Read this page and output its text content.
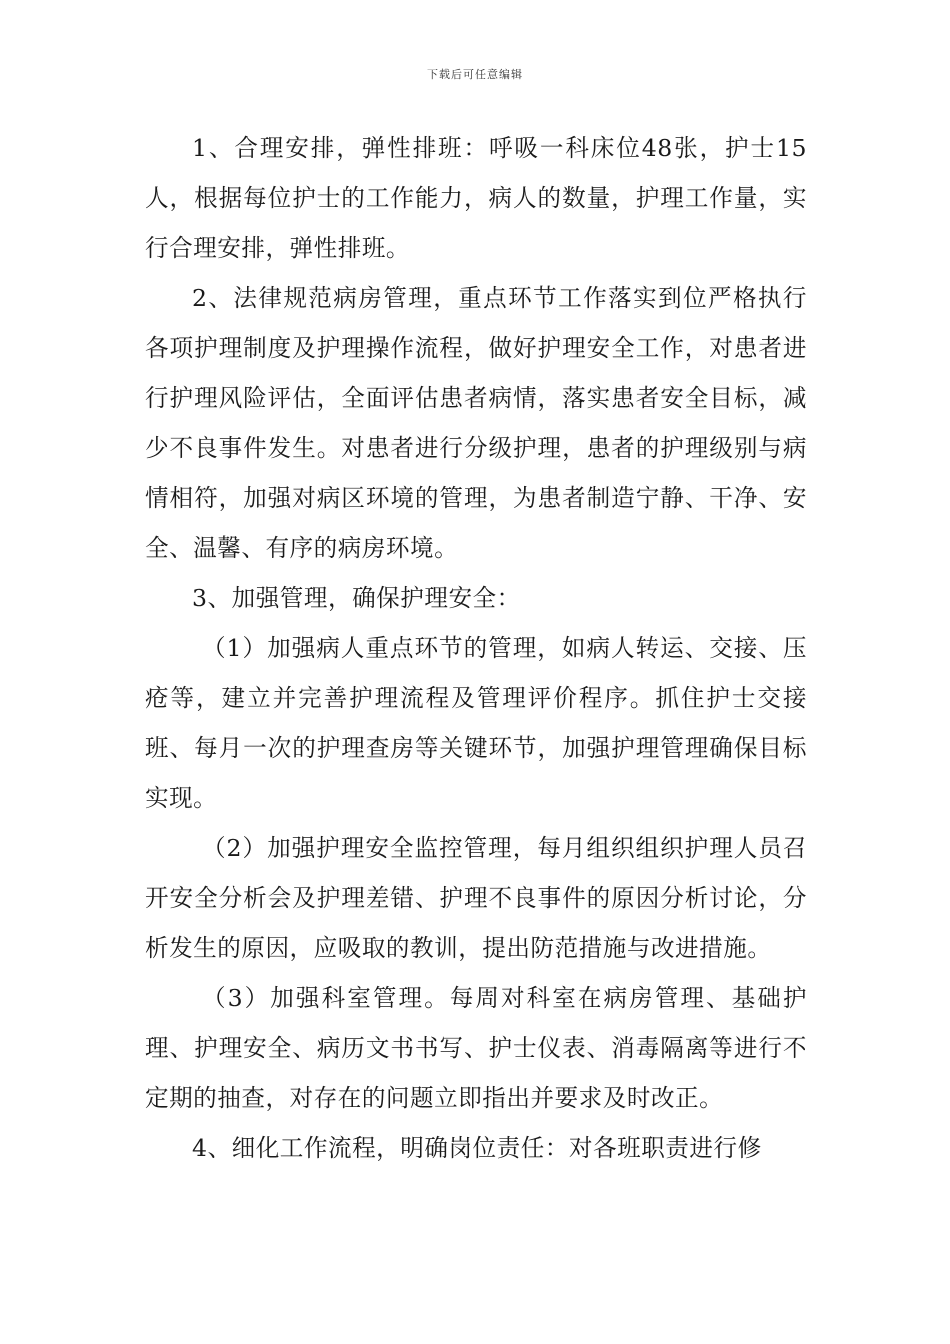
下载后可任意编辑

1、合理安排，弹性排班：呼吸一科床位48张，护士15人，根据每位护士的工作能力，病人的数量，护理工作量，实行合理安排，弹性排班。

2、法律规范病房管理，重点环节工作落实到位严格执行各项护理制度及护理操作流程，做好护理安全工作，对患者进行护理风险评估，全面评估患者病情，落实患者安全目标，减少不良事件发生。对患者进行分级护理，患者的护理级别与病情相符，加强对病区环境的管理，为患者制造宁静、干净、安全、温馨、有序的病房环境。

3、加强管理，确保护理安全：

（1）加强病人重点环节的管理，如病人转运、交接、压疮等，建立并完善护理流程及管理评价程序。抓住护士交接班、每月一次的护理查房等关键环节，加强护理管理确保目标实现。

（2）加强护理安全监控管理，每月组织组织护理人员召开安全分析会及护理差错、护理不良事件的原因分析讨论，分析发生的原因，应吸取的教训，提出防范措施与改进措施。

（3）加强科室管理。每周对科室在病房管理、基础护理、护理安全、病历文书书写、护士仪表、消毒隔离等进行不定期的抽查，对存在的问题立即指出并要求及时改正。

4、细化工作流程，明确岗位责任：对各班职责进行修
